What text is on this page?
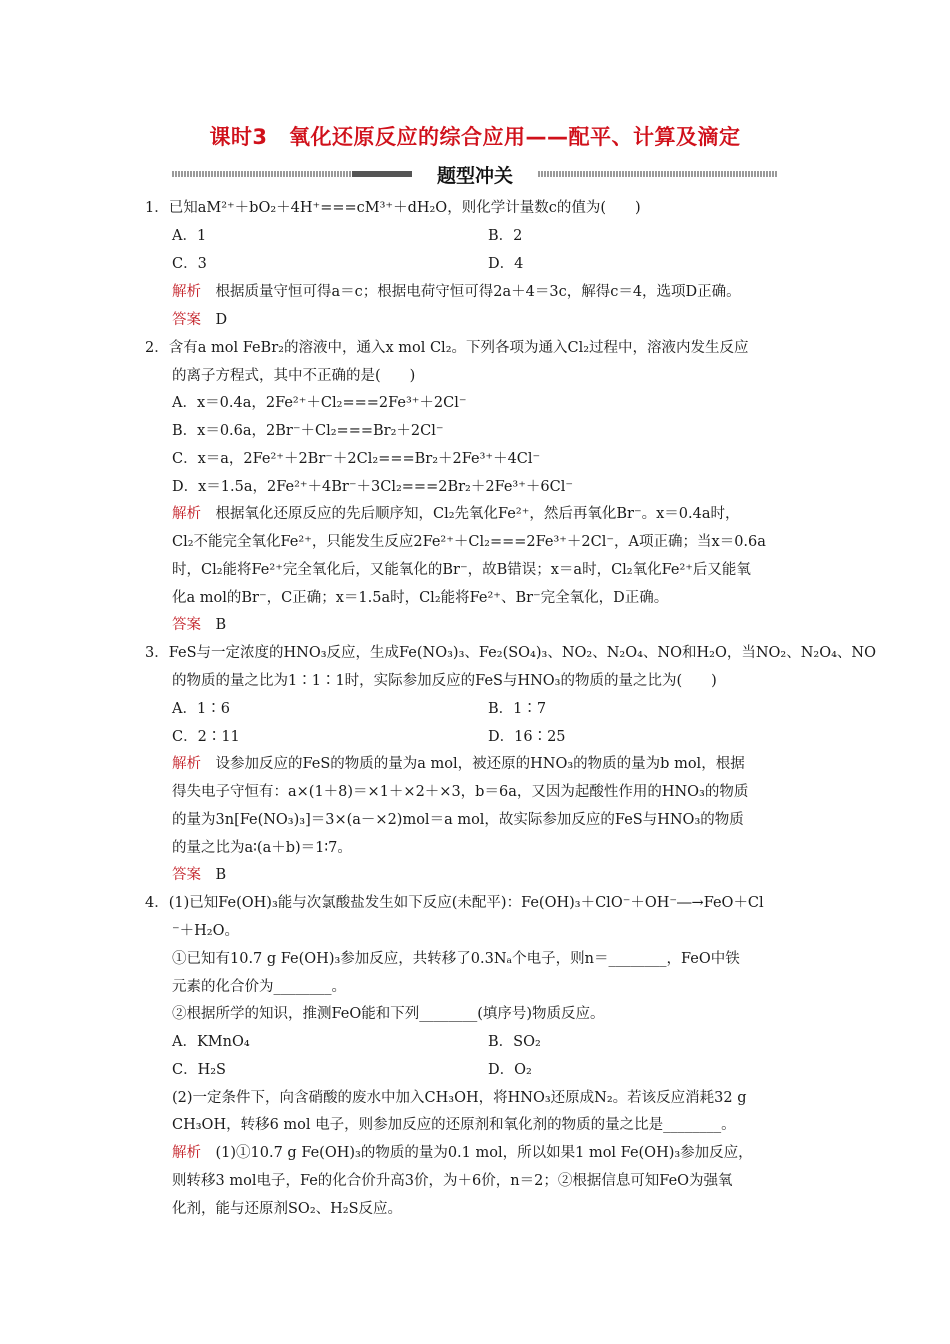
课时3　氧化还原反应的综合应用——配平、计算及滴定
题型冲关
1．已知aM²⁺＋bO₂＋4H⁺===cM³⁺＋dH₂O，则化学计量数c的值为(　　)
A．1	B．2
C．3	D．4
解析　 根据质量守恒可得a＝c；根据电荷守恒可得2a＋4＝3c，解得c＝4，选项D正确。
答案　 D
2．含有a mol FeBr₂的溶液中，通入x mol Cl₂。下列各项为通入Cl₂过程中，溶液内发生反应
的离子方程式，其中不正确的是(　　)
A．x＝0.4a，2Fe²⁺＋Cl₂===2Fe³⁺＋2Cl⁻
B．x＝0.6a，2Br⁻＋Cl₂===Br₂＋2Cl⁻
C．x＝a，2Fe²⁺＋2Br⁻＋2Cl₂===Br₂＋2Fe³⁺＋4Cl⁻
D．x＝1.5a，2Fe²⁺＋4Br⁻＋3Cl₂===2Br₂＋2Fe³⁺＋6Cl⁻
解析　 根据氧化还原反应的先后顺序知，Cl₂先氧化Fe²⁺，然后再氧化Br⁻。x＝0.4a时，
Cl₂不能完全氧化Fe²⁺，只能发生反应2Fe²⁺＋Cl₂===2Fe³⁺＋2Cl⁻，A项正确；当x＝0.6a
时，Cl₂能将Fe²⁺完全氧化后，又能氧化的Br⁻，故B错误；x＝a时，Cl₂氧化Fe²⁺后又能氧
化a mol的Br⁻，C正确；x＝1.5a时，Cl₂能将Fe²⁺、Br⁻完全氧化，D正确。
答案　 B
3．FeS与一定浓度的HNO₃反应，生成Fe(NO₃)₃、Fe₂(SO₄)₃、NO₂、N₂O₄、NO和H₂O，当NO₂、N₂O₄、NO
的物质的量之比为1∶1∶1时，实际参加反应的FeS与HNO₃的物质的量之比为(　　)
A．1∶6	B．1∶7
C．2∶11	D．16∶25
解析　 设参加反应的FeS的物质的量为a mol，被还原的HNO₃的物质的量为b mol，根据
得失电子守恒有：a×(1＋8)＝×1＋×2＋×3，b＝6a，又因为起酸性作用的HNO₃的物质
的量为3n[Fe(NO₃)₃]＝3×(a－×2)mol＝a mol，故实际参加反应的FeS与HNO₃的物质
的量之比为a∶(a＋b)＝1∶7。
答案　 B
4．(1)已知Fe(OH)₃能与次氯酸盐发生如下反应(未配平)：Fe(OH)₃＋ClO⁻＋OH⁻―→FeO＋Cl
⁻＋H₂O。
①已知有10.7 g Fe(OH)₃参加反应，共转移了0.3Nₐ个电子，则n＝________，FeO中铁
元素的化合价为________。
②根据所学的知识，推测FeO能和下列________(填序号)物质反应。
A．KMnO₄	B．SO₂
C．H₂S	D．O₂
(2)一定条件下，向含硝酸的废水中加入CH₃OH，将HNO₃还原成N₂。若该反应消耗32 g
CH₃OH，转移6 mol 电子，则参加反应的还原剂和氧化剂的物质的量之比是________。
解析　 (1)①10.7 g Fe(OH)₃的物质的量为0.1 mol，所以如果1 mol Fe(OH)₃参加反应，
则转移3 mol电子，Fe的化合价升高3价，为＋6价，n＝2；②根据信息可知FeO为强氧
化剂，能与还原剂SO₂、H₂S反应。
